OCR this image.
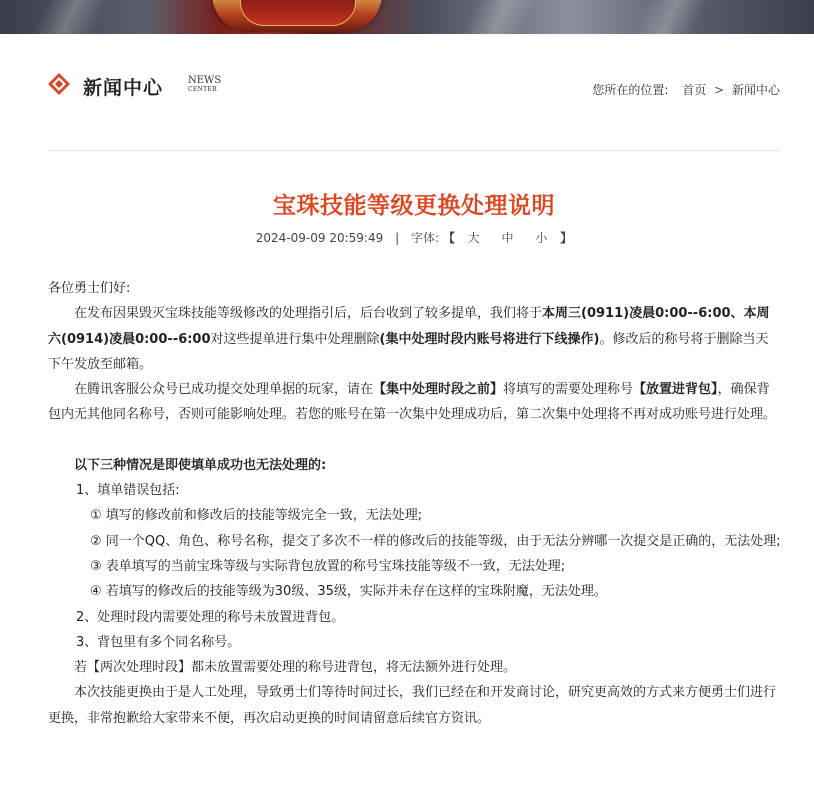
新闻中心 NEWS
CENTER	您所在的位置: 首页 > 新闻中心
宝珠技能等级更换处理说明
2024-09-09 20:59:49 | 字体: 【 大 中 小 】

各位勇士们好:

在发布因果毁灭宝珠技能等级修改的处理指引后，后台收到了较多提单，我们将于本周三(0911)凌晨0:00--6:00、本周六(0914)凌晨0:00--6:00对这些提单进行集中处理删除(集中处理时段内账号将进行下线操作)。修改后的称号将于删除当天下午发放至邮箱。

在腾讯客服公众号已成功提交处理单据的玩家，请在【集中处理时段之前】将填写的需要处理称号【放置进背包】，确保背包内无其他同名称号，否则可能影响处理。若您的账号在第一次集中处理成功后，第二次集中处理将不再对成功账号进行处理。

以下三种情况是即使填单成功也无法处理的:

1、填单错误包括:

① 填写的修改前和修改后的技能等级完全一致，无法处理;

② 同一个QQ、角色、称号名称，提交了多次不一样的修改后的技能等级，由于无法分辨哪一次提交是正确的，无法处理;

③ 表单填写的当前宝珠等级与实际背包放置的称号宝珠技能等级不一致，无法处理;

④ 若填写的修改后的技能等级为30级、35级，实际并未存在这样的宝珠附魔，无法处理。

2、处理时段内需要处理的称号未放置进背包。

3、背包里有多个同名称号。

若【两次处理时段】都未放置需要处理的称号进背包，将无法额外进行处理。

本次技能更换由于是人工处理，导致勇士们等待时间过长，我们已经在和开发商讨论，研究更高效的方式来方便勇士们进行更换，非常抱歉给大家带来不便，再次启动更换的时间请留意后续官方资讯。
